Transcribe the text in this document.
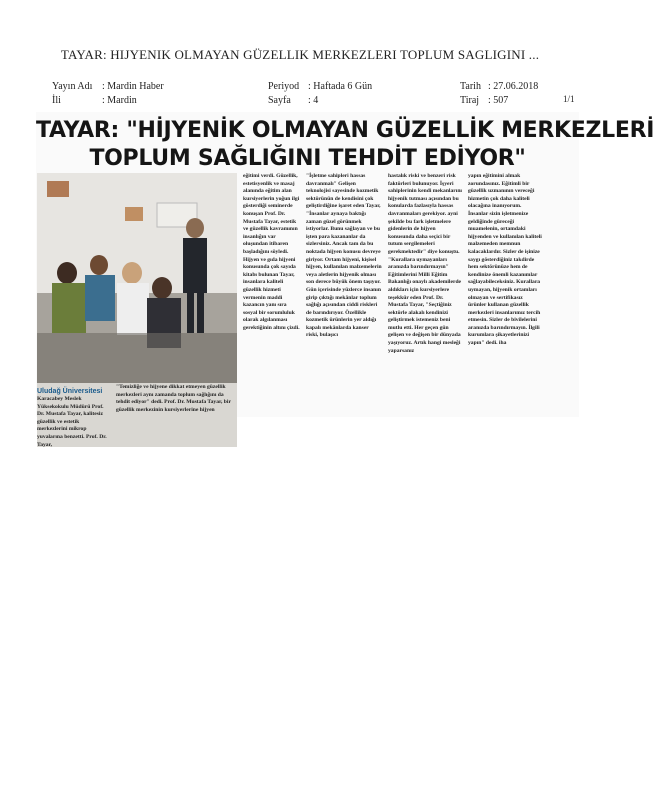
TAYAR: HIJYENIK OLMAYAN GÜZELLIK MERKEZLERI TOPLUM SAGLIGINI ...
Yayın Adı : Mardin Haber
İli	: Mardin
Periyod : Haftada 6 Gün
Sayfa : 4
Tarih : 27.06.2018
Tiraj : 507	1/1
TAYAR: "HİJYENİK OLMAYAN GÜZELLİK MERKEZLERİ
TOPLUM SAĞLIĞINI TEHDİT EDİYOR"
Uludağ Üniversitesi

Karacabey Meslek Yüksekokulu Müdürü Prof. Dr. Mustafa Tayar, kalitesiz güzellik ve estetik merkezlerini mikrop yuvalarına benzetti. Prof. Dr. Tayar,

"Temizliğe ve hijyene dikkat etmeyen güzellik merkezleri aynı zamanda toplum sağlığını da tehdit ediyor" dedi. Prof. Dr. Mustafa Tayar, bir güzellik merkezinin kursiyerlerine hijyen

eğitimi verdi. Güzellik, estetisyenlik ve masaj alanında eğitim alan kursiyerlerin yoğun ilgi gösterdiği seminerde konuşan Prof. Dr. Mustafa Tayar, estetik ve güzellik kavramının insanlığın var oluşundan itibaren başladığını söyledi. Hijyen ve gıda hijyeni konusunda çok sayıda kitabı bulunan Tayar, insanlara kaliteli güzellik hizmeti vermenin maddi kazancın yanı sıra sosyal bir sorumluluk olarak algılanması gerektiğinin altını çizdi.

"İşletme sahipleri hassas davranmalı" Gelişen teknolojisi sayesinde kozmetik sektörünün de kendisini çok geliştirdiğine işaret eden Tayar, "İnsanlar aynaya baktığı zaman güzel görünmek istiyorlar. Bunu sağlayan ve bu işten para kazananlar da sizlersiniz. Ancak tam da bu noktada hijyen konusu devreye giriyor. Ortam hijyeni, kişisel hijyen, kullanılan malzemelerin veya aletlerin hijyenik olması son derece büyük önem taşıyor. Gün içerisinde yüzlerce insanın girip çıktığı mekânlar toplum sağlığı açısından ciddi riskleri de barındırıyor. Özellikle kozmetik ürünlerin yer aldığı kapalı mekânlarda kanser riski, bulaşıcı

hastalık riski ve benzeri risk faktörleri bulunuyor. İşyeri sahiplerinin kendi mekanlarını hijyenik tutması açısından bu konularda fazlasıyla hassas davranmaları gerekiyor. ayni şekilde bu fark işletmelere gidenlerin de hijyen konusunda daha seçici bir tutum sergilemeleri gerekmektedir" diye konuştu. "Kurallara uymayanları aranızda barındırmayın" Eğitimlerini Milli Eğitim Bakanlığı onaylı akademilerde aldıkları için kursiyerlere teşekkür eden Prof. Dr. Mustafa Tayar, "Seçtiğiniz sektörle alakalı kendinizi geliştirmek istemeniz beni mutlu etti. Her geçen gün gelişen ve değişen bir dünyada yaşıyoruz. Artık hangi mesleği yaparsanız

yapın eğitimini almak zorundasınız. Eğitimli bir güzellik uzmanının vereceği hizmetin çok daha kaliteli olacağına inanıyorum. İnsanlar sizin işletmenize geldiğinde güreceği muamelenin, ortamdaki hijyenden ve kullanılan kaliteli malzemeden memnun kalacaklardır. Sizler de işinize saygı gösterdiğiniz takdirde hem sektörünüze hem de kendinize önemli kazanımlar sağlayabileceksiniz. Kurallara uymayan, hijyenik ortamları olmayan ve sertifikasız ürünler kullanan güzellik merkezleri insanlarımız tercih etmesin. Sizler de bivilelerini aranızda barındırmayın. İlgili kurumlara şikayetlerinizi yapın" dedi. iha
